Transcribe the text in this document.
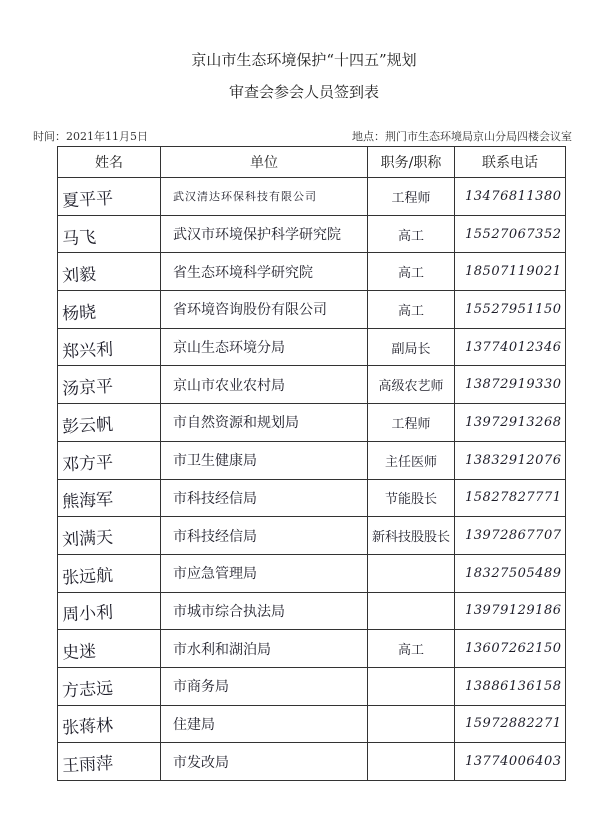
京山市生态环境保护“十四五”规划
审查会参会人员签到表
时间：2021年11月5日	地点：荆门市生态环境局京山分局四楼会议室
姓名	单位	职务/职称	联系电话

夏平平	武汉清达环保科技有限公司	工程师	13476811380

马飞	武汉市环境保护科学研究院	高工	15527067352

刘毅	省生态环境科学研究院	高工	18507119021

杨晓	省环境咨询股份有限公司	高工	15527951150

郑兴利	京山生态环境分局	副局长	13774012346

汤京平	京山市农业农村局	高级农艺师	13872919330

彭云帆	市自然资源和规划局	工程师	13972913268

邓方平	市卫生健康局	主任医师	13832912076

熊海军	市科技经信局	节能股长	15827827771

刘满天	市科技经信局	新科技股股长	13972867707

张远航	市应急管理局		18327505489

周小利	市城市综合执法局		13979129186

史迷	市水利和湖泊局	高工	13607262150

方志远	市商务局		13886136158

张蒋林	住建局		15972882271

王雨萍	市发改局		13774006403
